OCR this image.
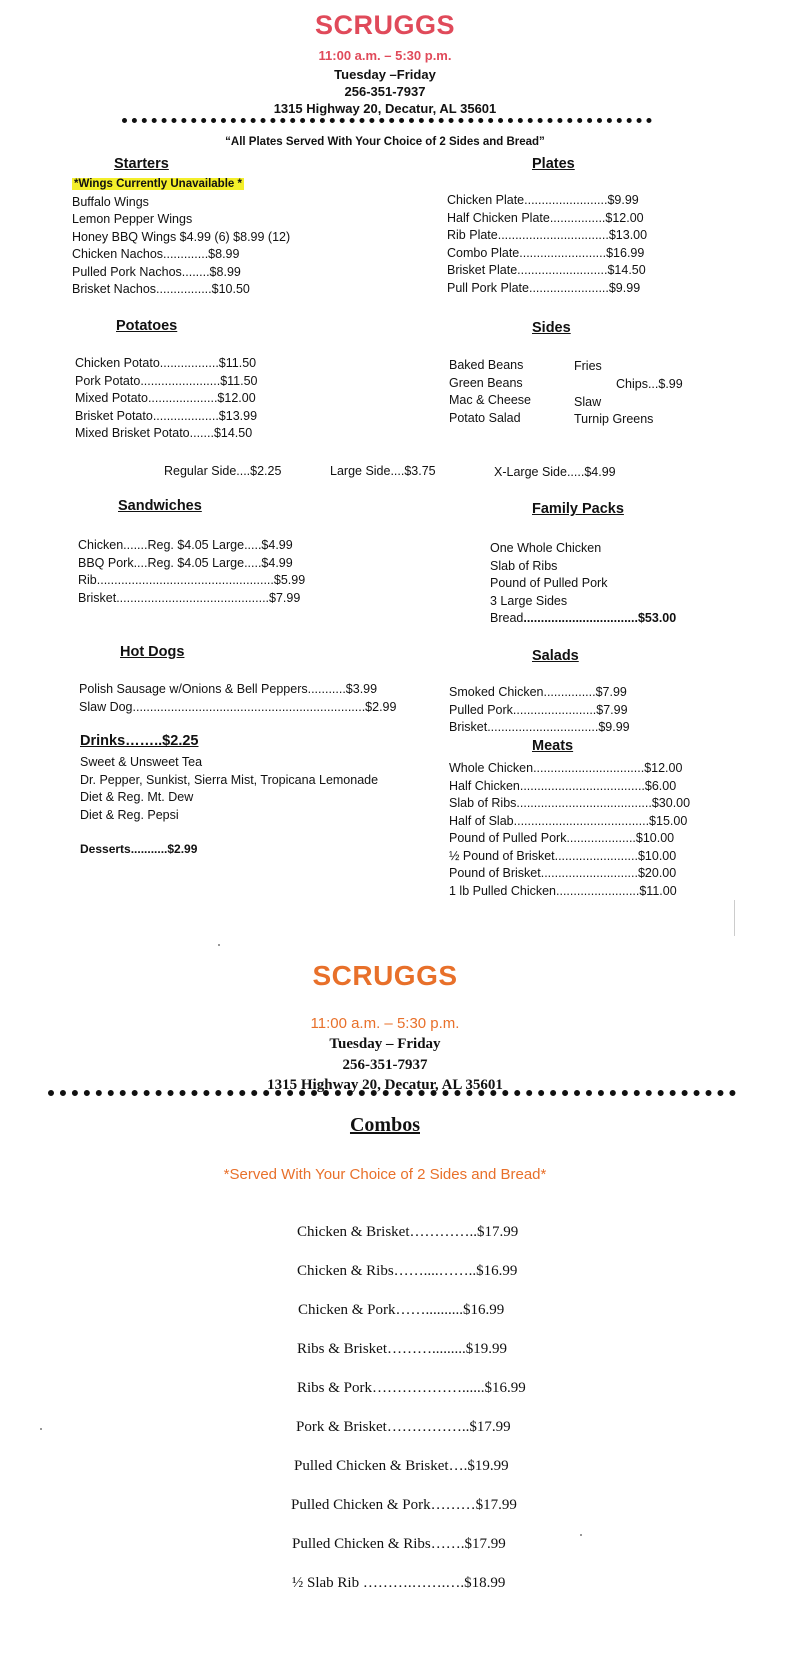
SCRUGGS
11:00 a.m. – 5:30 p.m.
Tuesday –Friday
256-351-7937
1315 Highway 20, Decatur, AL 35601
“All Plates Served With Your Choice of 2 Sides and Bread”
Starters
*Wings Currently Unavailable *
Buffalo Wings
Lemon Pepper Wings
Honey BBQ Wings $4.99 (6) $8.99 (12)
Chicken Nachos.............$8.99
Pulled Pork Nachos........$8.99
Brisket Nachos................$10.50
Plates
Chicken Plate........................$9.99
Half Chicken Plate................$12.00
Rib Plate................................$13.00
Combo Plate.........................$16.99
Brisket Plate..........................$14.50
Pull Pork Plate.......................$9.99
Potatoes
Chicken Potato.................$11.50
Pork Potato.......................$11.50
Mixed Potato....................$12.00
Brisket Potato...................$13.99
Mixed Brisket Potato.......$14.50
Sides
Baked Beans
Green Beans
Mac & Cheese
Potato Salad
Fries
Chips...$.99
Slaw
Turnip Greens
Regular Side....$2.25	Large Side....$3.75	X-Large Side.....$4.99
Sandwiches
Chicken.......Reg. $4.05 Large.....$4.99
BBQ Pork....Reg. $4.05 Large.....$4.99
Rib...................................................$5.99
Brisket............................................$7.99
Family Packs
One Whole Chicken
Slab of Ribs
Pound of Pulled Pork
3 Large Sides
Bread.................................$53.00
Hot Dogs
Polish Sausage w/Onions & Bell Peppers...........$3.99
Slaw Dog...................................................................$2.99
Salads
Smoked Chicken...............$7.99
Pulled Pork........................$7.99
Brisket................................$9.99
Drinks……..$2.25
Sweet & Unsweet Tea
Dr. Pepper, Sunkist, Sierra Mist, Tropicana Lemonade
Diet & Reg. Mt. Dew
Diet & Reg. Pepsi
Desserts...........$2.99
Meats
Whole Chicken................................$12.00
Half Chicken....................................$6.00
Slab of Ribs.......................................$30.00
Half of Slab.......................................$15.00
Pound of Pulled Pork....................$10.00
½ Pound of Brisket........................$10.00
Pound of Brisket............................$20.00
1 lb Pulled Chicken........................$11.00
SCRUGGS
11:00 a.m. – 5:30 p.m.
Tuesday – Friday
256-351-7937
1315 Highway 20, Decatur, AL 35601
Combos
*Served With Your Choice of 2 Sides and Bread*
Chicken & Brisket…………..$17.99
Chicken & Ribs……....……..$16.99
Chicken & Pork……..........$16.99
Ribs & Brisket……….........$19.99
Ribs & Pork………………......$16.99
Pork & Brisket……………..$17.99
Pulled Chicken & Brisket….$19.99
Pulled Chicken & Pork………$17.99
Pulled Chicken & Ribs…….$17.99
½ Slab Rib ……….…….….$18.99
